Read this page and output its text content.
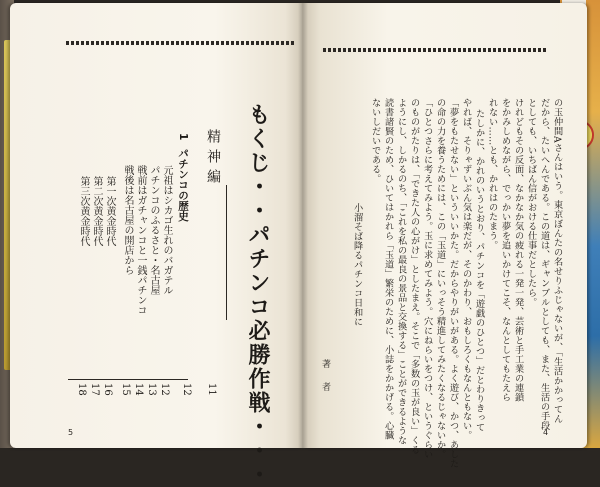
もくじ・・パチンコ必勝作戦・・・
精神編
1  パチンコの歴史
元祖はシカゴ生れのバガテル
パチンコのふるさと・名古屋
戦前はガチャンコと一銭パチンコ
戦後は名古屋の開店から
第一次黄金時代
第二次黄金時代
第三次黄金時代
12
12
13
14
15
16
17
18	11
5
の玉仲間Aさんはいう。東京ぼんたの名せりふじゃないが、「生活かかってん
だから、たいへんである。この道は、ギャンブルとしても、また、生活の手段
としても、いちばん信がおける仕事だとしたら。
けれどもその反面、なかなか気の疲れる一発一発、芸術と手工業の連鎖
をかみしめながら、でっかい夢を追いかけてこそ、なんとしてもたえら
れない……とも、かれはのたまう。
たしかに、かれのいうとおり、パチンコを「遊戯のひとつ」だとわりきって
やれば、そりゃずいぶん気は楽だが、そのかわり、おもしろくもなんともない。
「夢をもたせない」といういいかた。だからやりがいがある。よく遊び、かつ、あした
の命の力を養うためには、この「玉道」にいっそう精進してみたくなるじゃないか。
「ひとつさらに考えてみよう。玉に求めてみよう。穴にねらいをつけ、というぐらい
のものがたりは、「できた人の心がけ」としたまえ。そこで「多数の玉が良い」くる
ようにし、しかるのち、「これを私の最良の景品と交換する」ことができるような
読書諸賢のため、ひいてはかれら「玉道」繁栄のために、小誌をかかげる。心臓
ないしだいである。
小溜そば降るパチンコ日和に
著者
4
